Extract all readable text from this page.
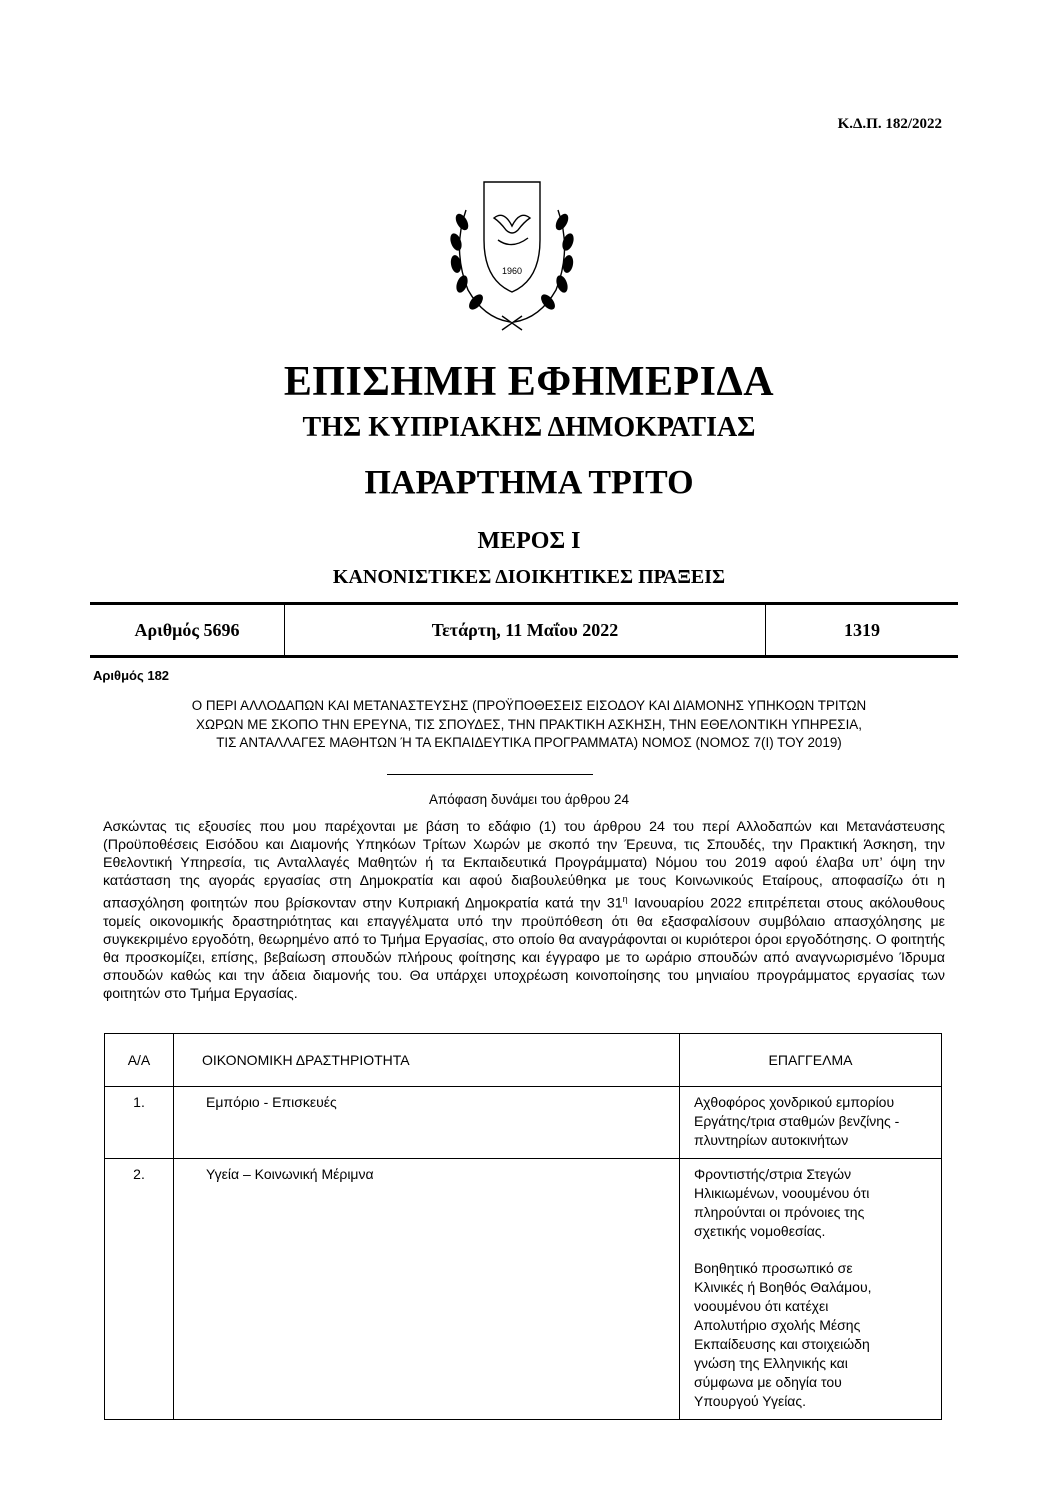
Κ.Δ.Π. 182/2022
1960
ΕΠΙΣΗΜΗ ΕΦΗΜΕΡΙΔΑ
ΤΗΣ ΚΥΠΡΙΑΚΗΣ ΔΗΜΟΚΡΑΤΙΑΣ
ΠΑΡΑΡΤΗΜΑ ΤΡΙΤΟ
ΜΕΡΟΣ Ι
ΚΑΝΟΝΙΣΤΙΚΕΣ ΔΙΟΙΚΗΤΙΚΕΣ ΠΡΑΞΕΙΣ
Αριθμός 5696	Τετάρτη, 11 Μαΐου 2022	1319
Αριθμός 182
Ο ΠΕΡΙ ΑΛΛΟΔΑΠΩΝ ΚΑΙ ΜΕΤΑΝΑΣΤΕΥΣΗΣ (ΠΡΟΫΠΟΘΕΣΕΙΣ ΕΙΣΟΔΟΥ ΚΑΙ ΔΙΑΜΟΝΗΣ ΥΠΗΚΟΩΝ ΤΡΙΤΩΝ
ΧΩΡΩΝ ΜΕ ΣΚΟΠΟ ΤΗΝ ΕΡΕΥΝΑ, ΤΙΣ ΣΠΟΥΔΕΣ, ΤΗΝ ΠΡΑΚΤΙΚΗ ΑΣΚΗΣΗ, ΤΗΝ ΕΘΕΛΟΝΤΙΚΗ ΥΠΗΡΕΣΙΑ,
ΤΙΣ ΑΝΤΑΛΛΑΓΕΣ ΜΑΘΗΤΩΝ Ή ΤΑ ΕΚΠΑΙΔΕΥΤΙΚΑ ΠΡΟΓΡΑΜΜΑΤΑ) ΝΟΜΟΣ (ΝΟΜΟΣ 7(Ι) ΤΟΥ 2019)
Απόφαση δυνάμει του άρθρου 24
Ασκώντας τις εξουσίες που μου παρέχονται με βάση το εδάφιο (1) του άρθρου 24 του περί Αλλοδαπών και Μετανάστευσης (Προϋποθέσεις Εισόδου και Διαμονής Υπηκόων Τρίτων Χωρών με σκοπό την Έρευνα, τις Σπουδές, την Πρακτική Άσκηση, την Εθελοντική Υπηρεσία, τις Ανταλλαγές Μαθητών ή τα Εκπαιδευτικά Προγράμματα) Νόμου του 2019 αφού έλαβα υπ’ όψη την κατάσταση της αγοράς εργασίας στη Δημοκρατία και αφού διαβουλεύθηκα με τους Κοινωνικούς Εταίρους, αποφασίζω ότι η απασχόληση φοιτητών που βρίσκονταν στην Κυπριακή Δημοκρατία κατά την $31^\eta$ Ιανουαρίου 2022 επιτρέπεται στους ακόλουθους τομείς οικονομικής δραστηριότητας και επαγγέλματα υπό την προϋπόθεση ότι θα εξασφαλίσουν συμβόλαιο απασχόλησης με συγκεκριμένο εργοδότη, θεωρημένο από το Τμήμα Εργασίας, στο οποίο θα αναγράφονται οι κυριότεροι όροι εργοδότησης. Ο φοιτητής θα προσκομίζει, επίσης, βεβαίωση σπουδών πλήρους φοίτησης και έγγραφο με το ωράριο σπουδών από αναγνωρισμένο Ίδρυμα σπουδών καθώς και την άδεια διαμονής του. Θα υπάρχει υποχρέωση κοινοποίησης του μηνιαίου προγράμματος εργασίας των φοιτητών στο Τμήμα Εργασίας.
Α/Α	ΟΙΚΟΝΟΜΙΚΗ ΔΡΑΣΤΗΡΙΟΤΗΤΑ	ΕΠΑΓΓΕΛΜΑ
1.	Εμπόριο - Επισκευές	Αχθοφόρος χονδρικού εμπορίου Εργάτης/τρια σταθμών βενζίνης - πλυντηρίων αυτοκινήτων

2.	Υγεία – Κοινωνική Μέριμνα	Φροντιστής/στρια Στεγών Ηλικιωμένων, νοουμένου ότι πληρούνται οι πρόνοιες της σχετικής νομοθεσίας.
Βοηθητικό προσωπικό σε Κλινικές ή Βοηθός Θαλάμου, νοουμένου ότι κατέχει Απολυτήριο σχολής Μέσης Εκπαίδευσης και στοιχειώδη γνώση της Ελληνικής και σύμφωνα με οδηγία του Υπουργού Υγείας.
